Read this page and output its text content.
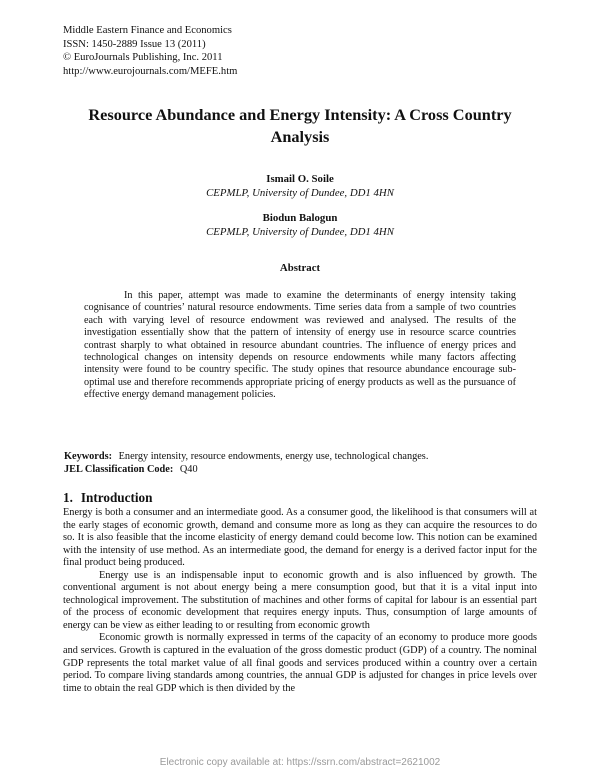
Middle Eastern Finance and Economics
ISSN: 1450-2889 Issue 13 (2011)
© EuroJournals Publishing, Inc. 2011
http://www.eurojournals.com/MEFE.htm
Resource Abundance and Energy Intensity: A Cross Country Analysis
Ismail O. Soile
CEPMLP, University of Dundee, DD1 4HN
Biodun Balogun
CEPMLP, University of Dundee, DD1 4HN
Abstract

In this paper, attempt was made to examine the determinants of energy intensity taking cognisance of countries’ natural resource endowments. Time series data from a sample of two countries each with varying level of resource endowment was reviewed and analysed. The results of the investigation essentially show that the pattern of intensity of energy use in resource scarce countries contrast sharply to what obtained in resource abundant countries. The influence of energy prices and technological changes on intensity depends on resource endowments while many factors affecting intensity were found to be country specific. The study opines that resource abundance encourage sub-optimal use and therefore recommends appropriate pricing of energy products as well as the pursuance of effective energy demand management policies.

Keywords: Energy intensity, resource endowments, energy use, technological changes.
JEL Classification Code: Q40
1. Introduction

Energy is both a consumer and an intermediate good. As a consumer good, the likelihood is that consumers will at the early stages of economic growth, demand and consume more as long as they can acquire the resources to do so. It is also feasible that the income elasticity of energy demand could become low. This notion can be examined with the intensity of use method. As an intermediate good, the demand for energy is a derived factor input for the final product being produced.

Energy use is an indispensable input to economic growth and is also influenced by growth. The conventional argument is not about energy being a mere consumption good, but that it is a vital input into technological improvement. The substitution of machines and other forms of capital for labour is an essential part of the process of economic development that requires energy inputs. Thus, consumption of large amounts of energy can be view as either leading to or resulting from economic growth

Economic growth is normally expressed in terms of the capacity of an economy to produce more goods and services. Growth is captured in the evaluation of the gross domestic product (GDP) of a country. The nominal GDP represents the total market value of all final goods and services produced within a country over a certain period. To compare living standards among countries, the annual GDP is adjusted for changes in price levels over time to obtain the real GDP which is then divided by the

Electronic copy available at: https://ssrn.com/abstract=2621002
